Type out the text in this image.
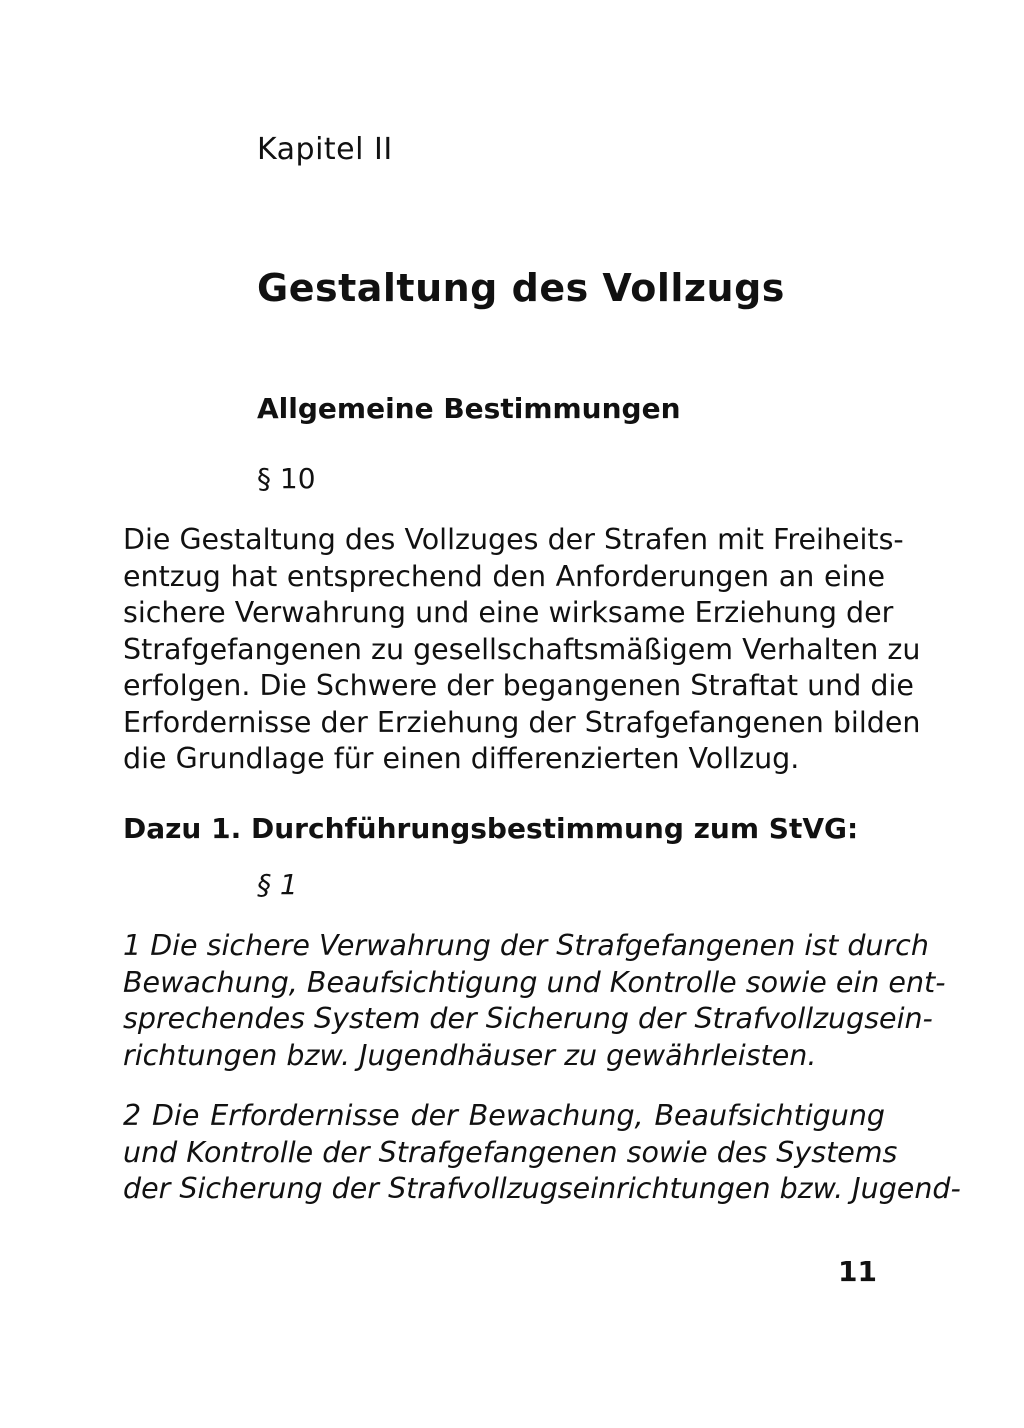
Kapitel II
Gestaltung des Vollzugs
Allgemeine Bestimmungen
§ 10
Die Gestaltung des Vollzuges der Strafen mit Freiheits-
entzug hat entsprechend den Anforderungen an eine
sichere Verwahrung und eine wirksame Erziehung der
Strafgefangenen zu gesellschaftsmäßigem Verhalten zu
erfolgen. Die Schwere der begangenen Straftat und die
Erfordernisse der Erziehung der Strafgefangenen bilden
die Grundlage für einen differenzierten Vollzug.
Dazu 1. Durchführungsbestimmung zum StVG:
§ 1
1 Die sichere Verwahrung der Strafgefangenen ist durch
Bewachung, Beaufsichtigung und Kontrolle sowie ein ent-
sprechendes System der Sicherung der Strafvollzugsein-
richtungen bzw. Jugendhäuser zu gewährleisten.
2 Die Erfordernisse der Bewachung, Beaufsichtigung
und Kontrolle der Strafgefangenen sowie des Systems
der Sicherung der Strafvollzugseinrichtungen bzw. Jugend-
11
